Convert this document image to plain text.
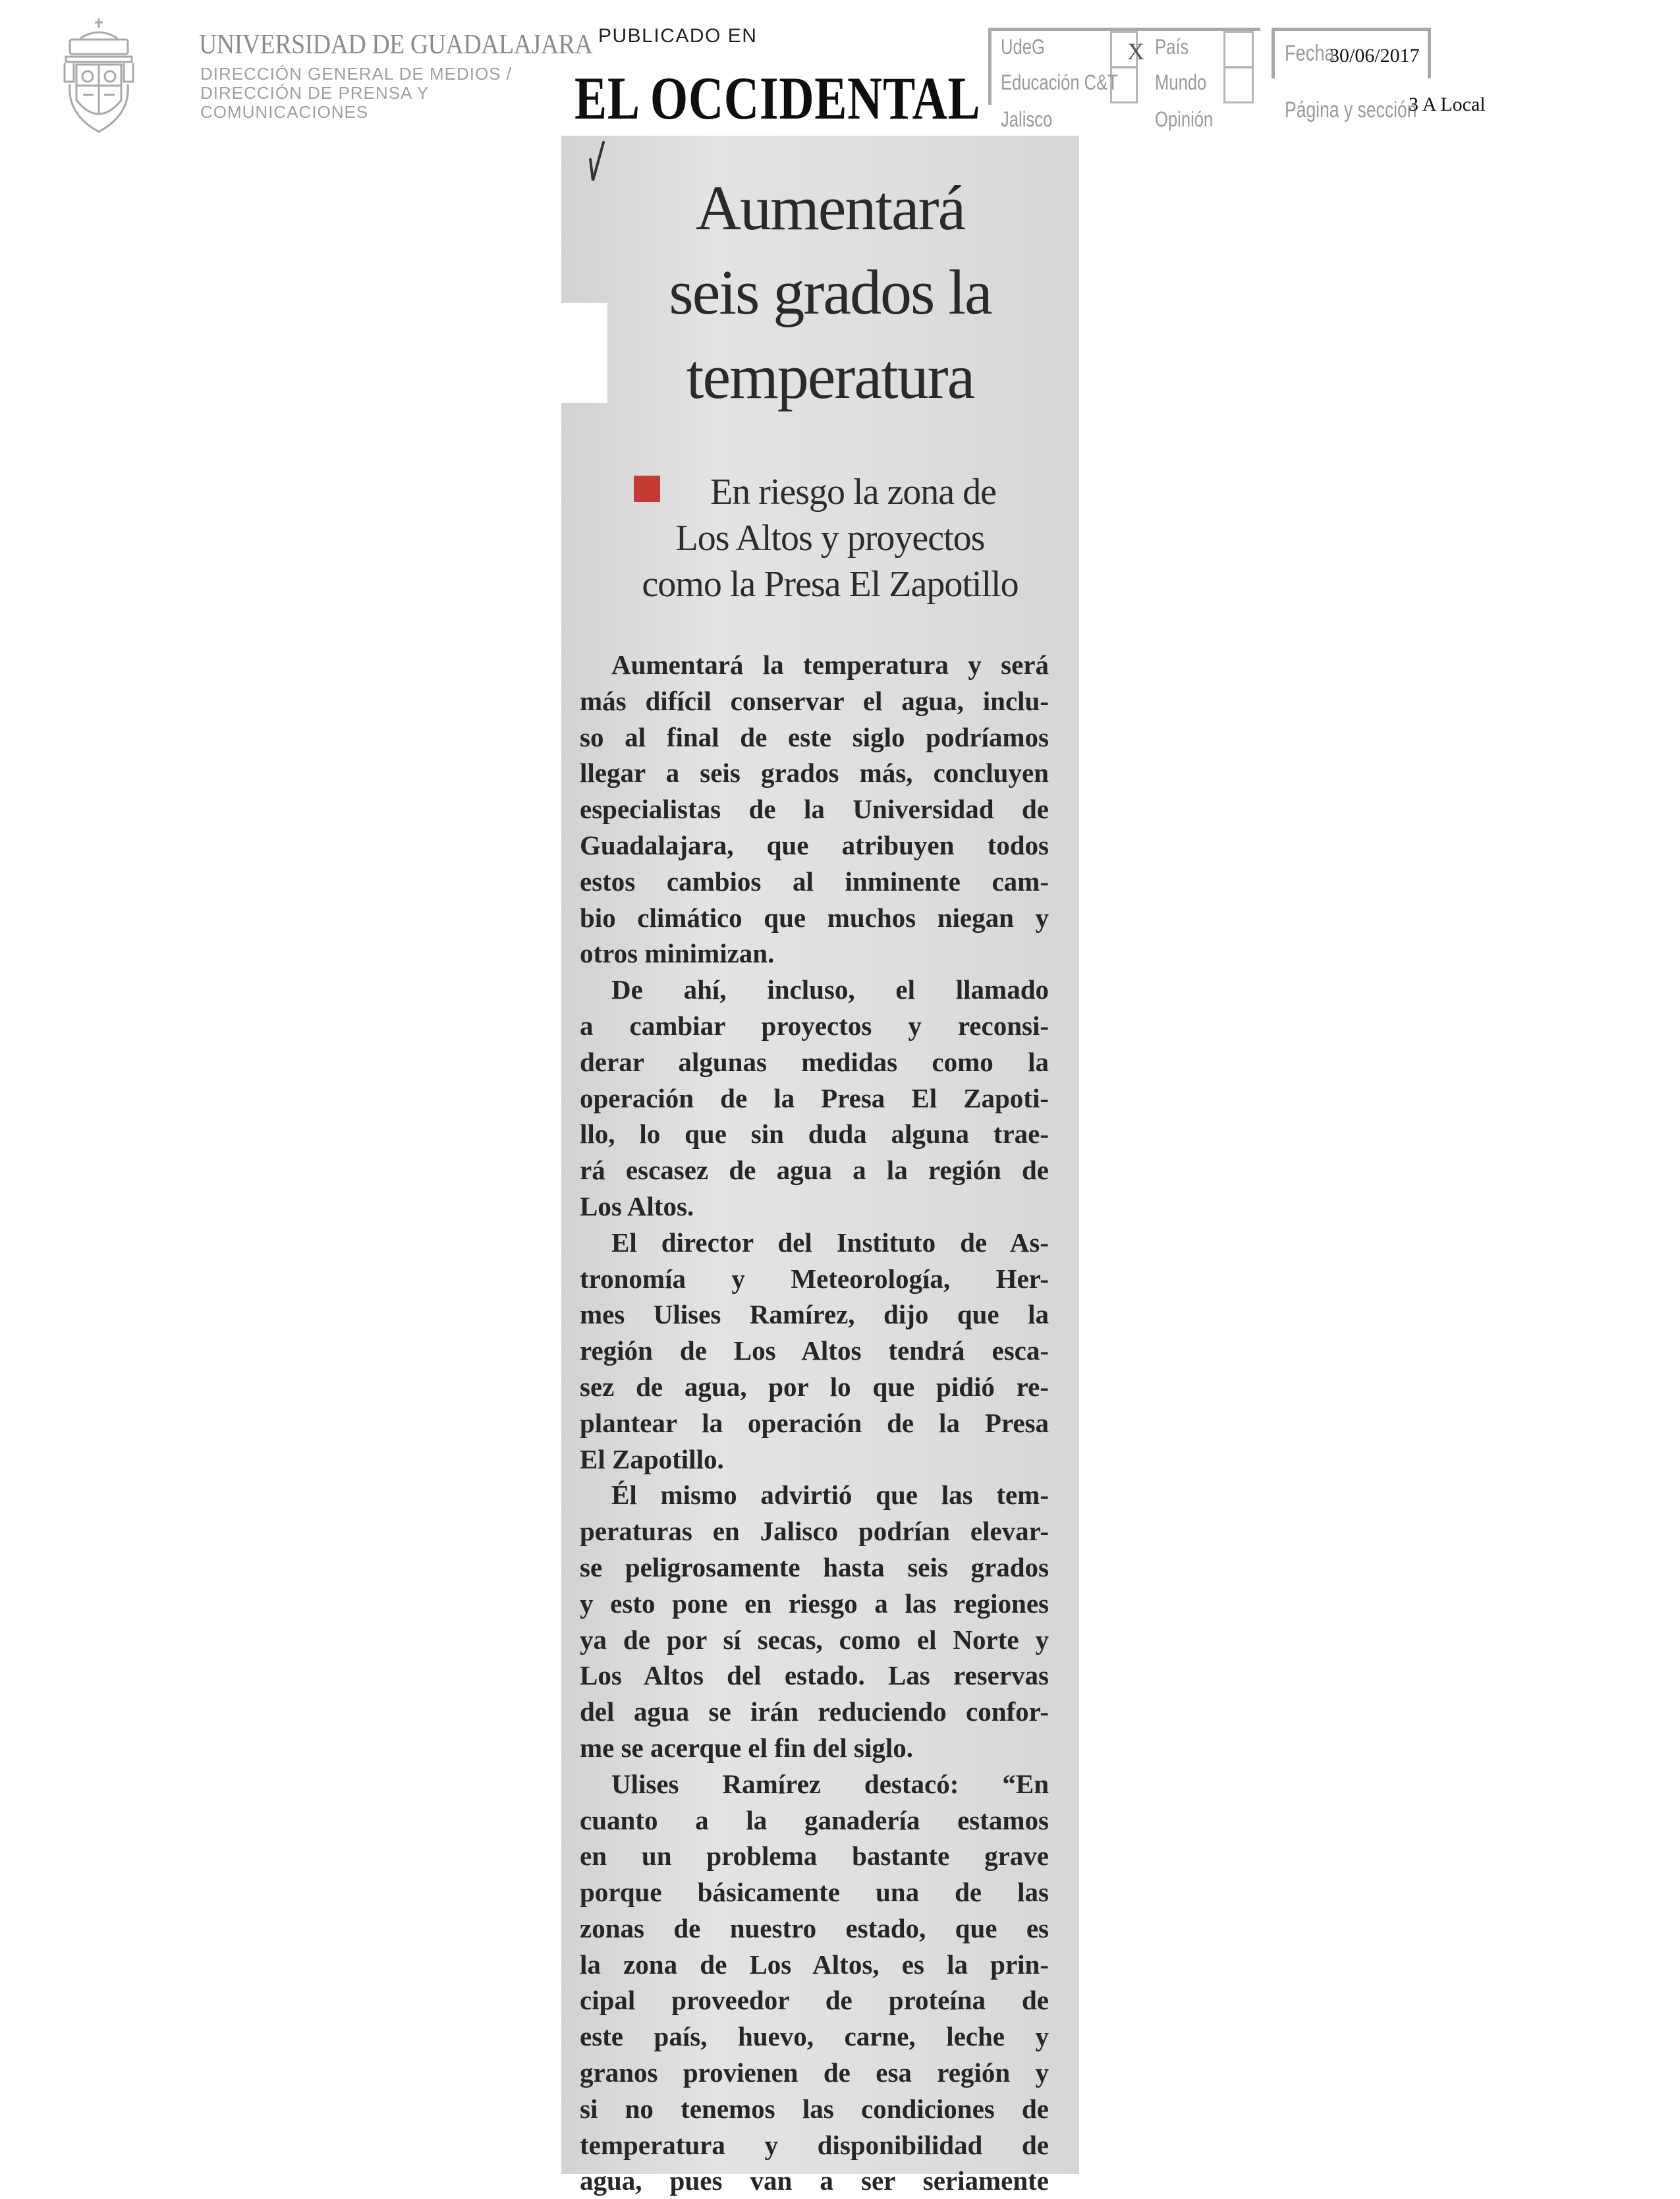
UNIVERSIDAD DE GUADALAJARA
DIRECCIÓN GENERAL DE MEDIOS /
DIRECCIÓN DE PRENSA Y
COMUNICACIONES
PUBLICADO EN
EL OCCIDENTAL
UdeG
Educación C&T
Jalisco
X País
Mundo
Opinión
Fecha
30/06/2017
Página y sección
3 A Local
Aumentará
seis grados la
temperatura
En riesgo la zona de
Los Altos y proyectos
como la Presa El Zapotillo
Aumentará la temperatura y será
más difícil conservar el agua, inclu-
so al final de este siglo podríamos
llegar a seis grados más, concluyen
especialistas de la Universidad de
Guadalajara, que atribuyen todos
estos cambios al inminente cam-
bio climático que muchos niegan y
otros minimizan.
De ahí, incluso, el llamado
a cambiar proyectos y reconsi-
derar algunas medidas como la
operación de la Presa El Zapoti-
llo, lo que sin duda alguna trae-
rá escasez de agua a la región de
Los Altos.
El director del Instituto de As-
tronomía y Meteorología, Her-
mes Ulises Ramírez, dijo que la
región de Los Altos tendrá esca-
sez de agua, por lo que pidió re-
plantear la operación de la Presa
El Zapotillo.
Él mismo advirtió que las tem-
peraturas en Jalisco podrían elevar-
se peligrosamente hasta seis grados
y esto pone en riesgo a las regiones
ya de por sí secas, como el Norte y
Los Altos del estado. Las reservas
del agua se irán reduciendo confor-
me se acerque el fin del siglo.
Ulises Ramírez destacó: “En
cuanto a la ganadería estamos
en un problema bastante grave
porque básicamente una de las
zonas de nuestro estado, que es
la zona de Los Altos, es la prin-
cipal proveedor de proteína de
este país, huevo, carne, leche y
granos provienen de esa región y
si no tenemos las condiciones de
temperatura y disponibilidad de
agua, pues van a ser seriamente
